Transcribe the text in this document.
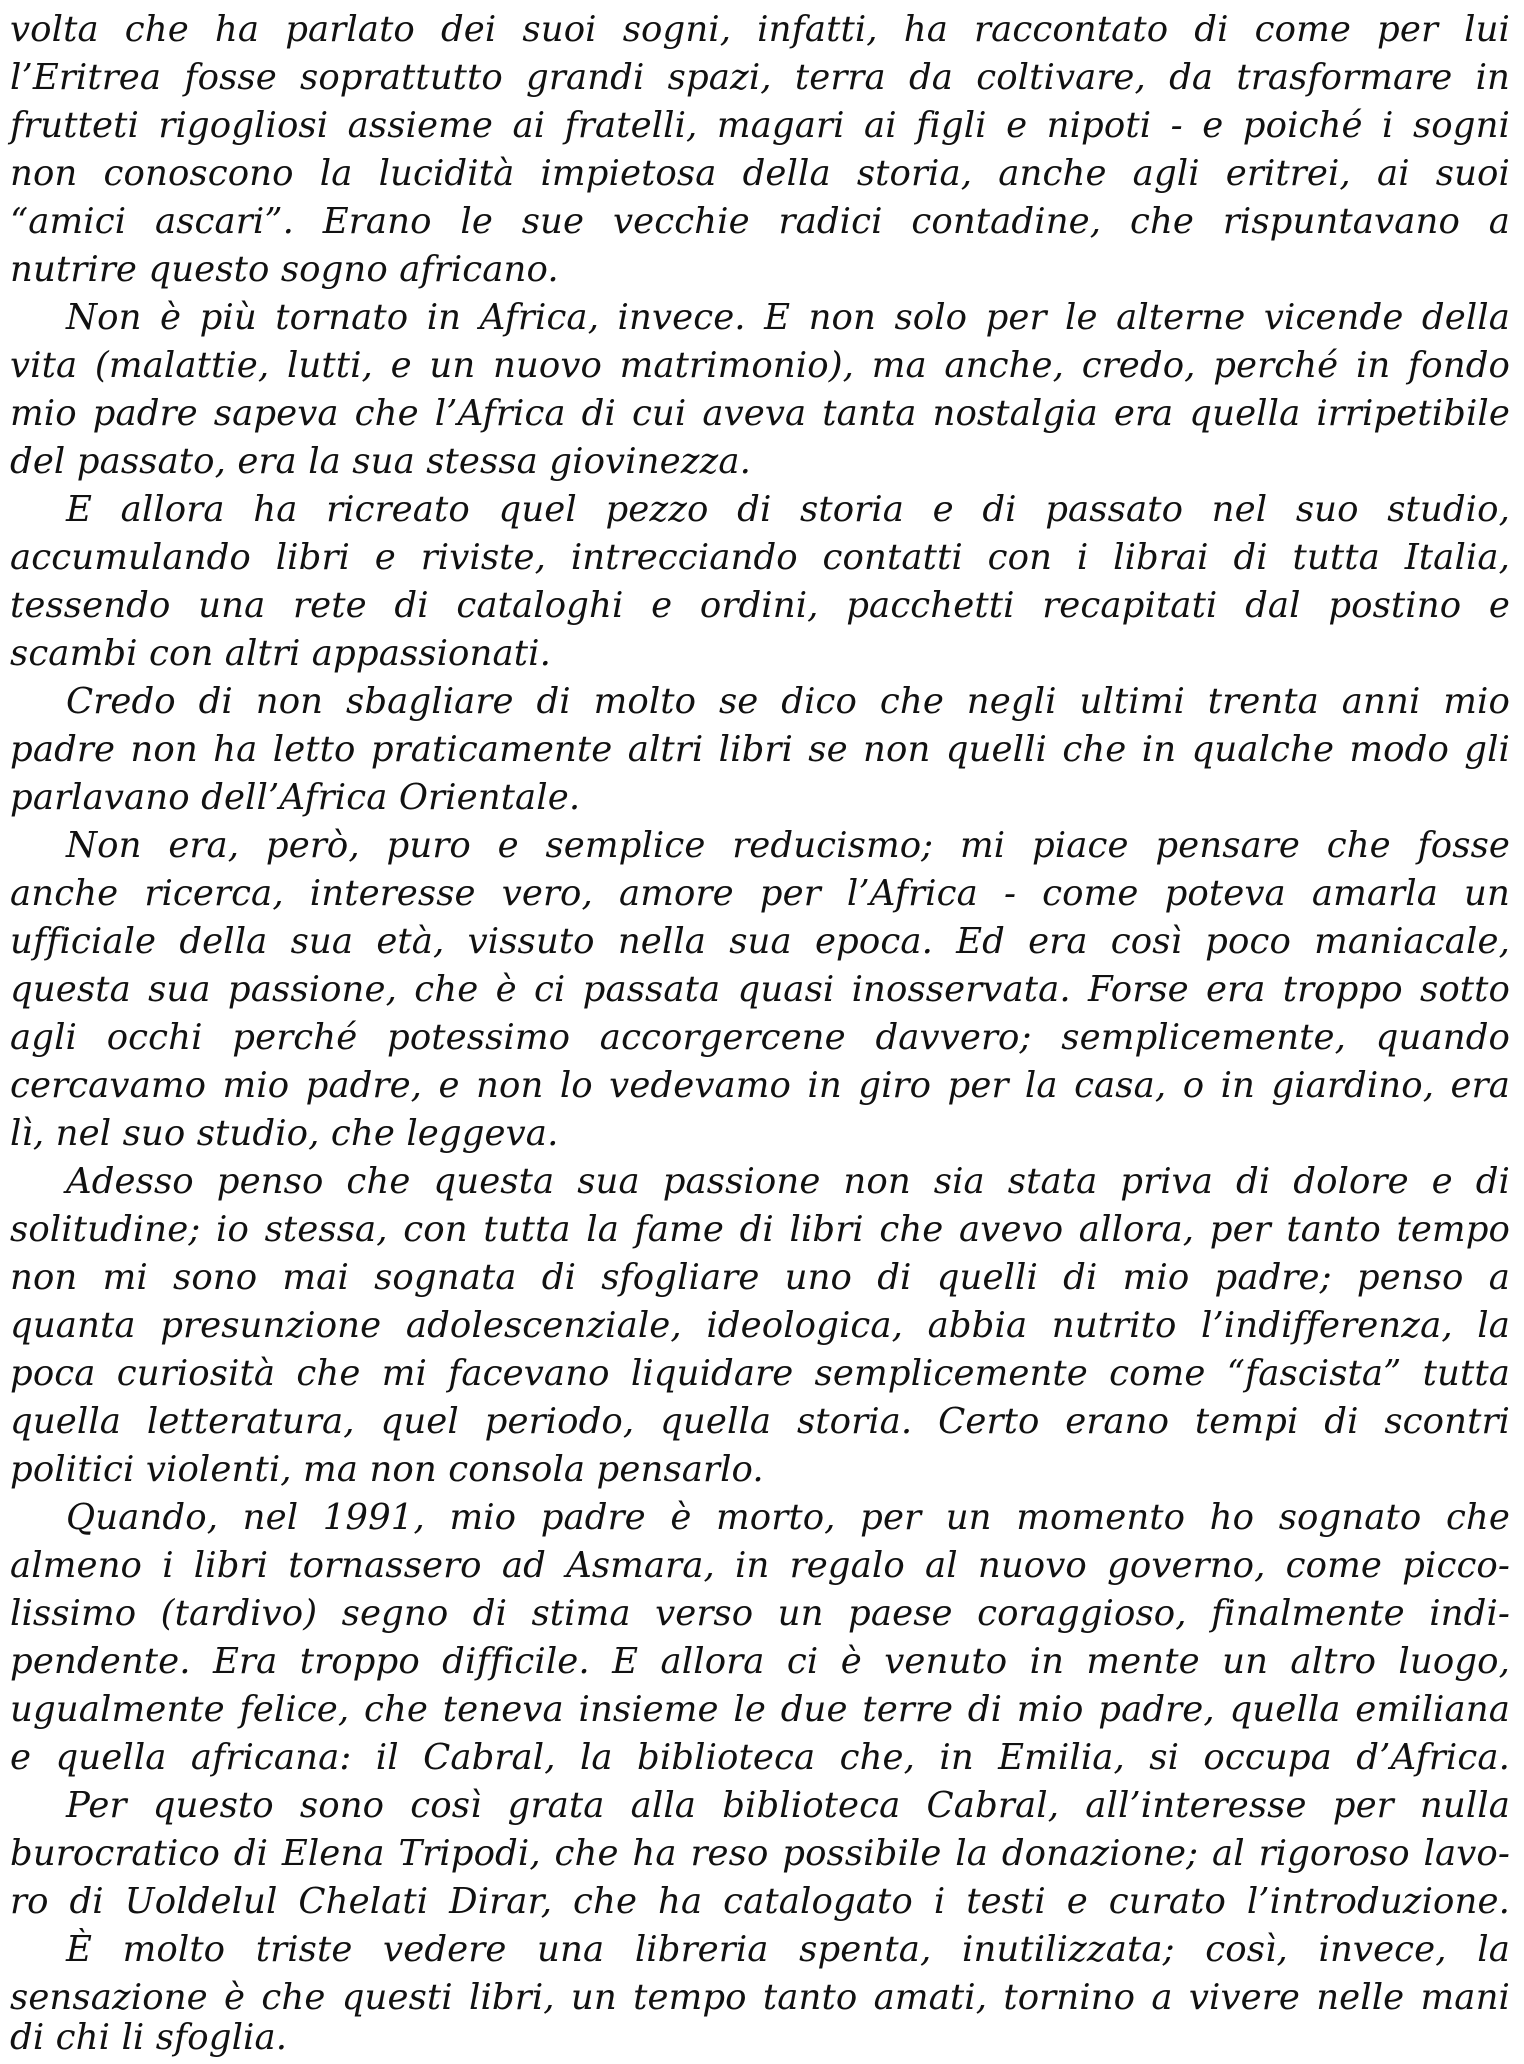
volta che ha parlato dei suoi sogni, infatti, ha raccontato di come per lui
l’Eritrea fosse soprattutto grandi spazi, terra da coltivare, da trasformare in
frutteti rigogliosi assieme ai fratelli, magari ai figli e nipoti - e poiché i sogni
non conoscono la lucidità impietosa della storia, anche agli eritrei, ai suoi
“amici ascari”. Erano le sue vecchie radici contadine, che rispuntavano a
nutrire questo sogno africano.
Non è più tornato in Africa, invece. E non solo per le alterne vicende della
vita (malattie, lutti, e un nuovo matrimonio), ma anche, credo, perché in fondo
mio padre sapeva che l’Africa di cui aveva tanta nostalgia era quella irripetibile
del passato, era la sua stessa giovinezza.
E allora ha ricreato quel pezzo di storia e di passato nel suo studio,
accumulando libri e riviste, intrecciando contatti con i librai di tutta Italia,
tessendo una rete di cataloghi e ordini, pacchetti recapitati dal postino e
scambi con altri appassionati.
Credo di non sbagliare di molto se dico che negli ultimi trenta anni mio
padre non ha letto praticamente altri libri se non quelli che in qualche modo gli
parlavano dell’Africa Orientale.
Non era, però, puro e semplice reducismo; mi piace pensare che fosse
anche ricerca, interesse vero, amore per l’Africa - come poteva amarla un
ufficiale della sua età, vissuto nella sua epoca. Ed era così poco maniacale,
questa sua passione, che è ci passata quasi inosservata. Forse era troppo sotto
agli occhi perché potessimo accorgercene davvero; semplicemente, quando
cercavamo mio padre, e non lo vedevamo in giro per la casa, o in giardino, era
lì, nel suo studio, che leggeva.
Adesso penso che questa sua passione non sia stata priva di dolore e di
solitudine; io stessa, con tutta la fame di libri che avevo allora, per tanto tempo
non mi sono mai sognata di sfogliare uno di quelli di mio padre; penso a
quanta presunzione adolescenziale, ideologica, abbia nutrito l’indifferenza, la
poca curiosità che mi facevano liquidare semplicemente come “fascista” tutta
quella letteratura, quel periodo, quella storia. Certo erano tempi di scontri
politici violenti, ma non consola pensarlo.
Quando, nel 1991, mio padre è morto, per un momento ho sognato che
almeno i libri tornassero ad Asmara, in regalo al nuovo governo, come picco-
lissimo (tardivo) segno di stima verso un paese coraggioso, finalmente indi-
pendente. Era troppo difficile. E allora ci è venuto in mente un altro luogo,
ugualmente felice, che teneva insieme le due terre di mio padre, quella emiliana
e quella africana: il Cabral, la biblioteca che, in Emilia, si occupa d’Africa.
Per questo sono così grata alla biblioteca Cabral, all’interesse per nulla
burocratico di Elena Tripodi, che ha reso possibile la donazione; al rigoroso lavo-
ro di Uoldelul Chelati Dirar, che ha catalogato i testi e curato l’introduzione.
È molto triste vedere una libreria spenta, inutilizzata; così, invece, la
sensazione è che questi libri, un tempo tanto amati, tornino a vivere nelle mani
di chi li sfoglia.
